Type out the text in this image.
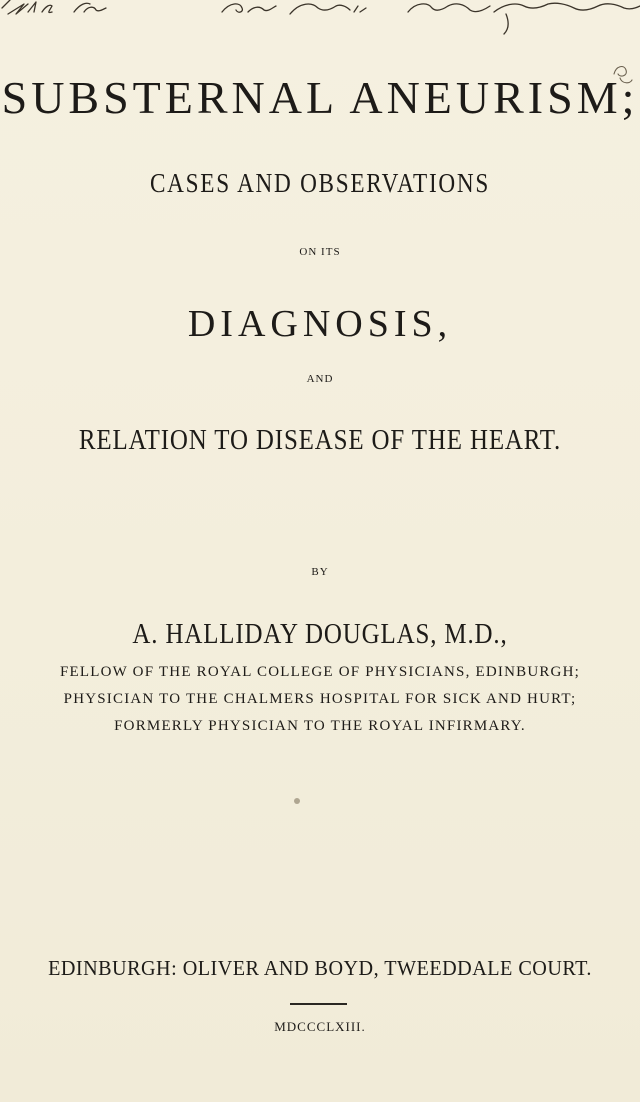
SUBSTERNAL ANEURISM;
CASES AND OBSERVATIONS
ON ITS
DIAGNOSIS,
AND
RELATION TO DISEASE OF THE HEART.
BY
A. HALLIDAY DOUGLAS, M.D.,
FELLOW OF THE ROYAL COLLEGE OF PHYSICIANS, EDINBURGH;
PHYSICIAN TO THE CHALMERS HOSPITAL FOR SICK AND HURT;
FORMERLY PHYSICIAN TO THE ROYAL INFIRMARY.
EDINBURGH: OLIVER AND BOYD, TWEEDDALE COURT.
MDCCCLXIII.
